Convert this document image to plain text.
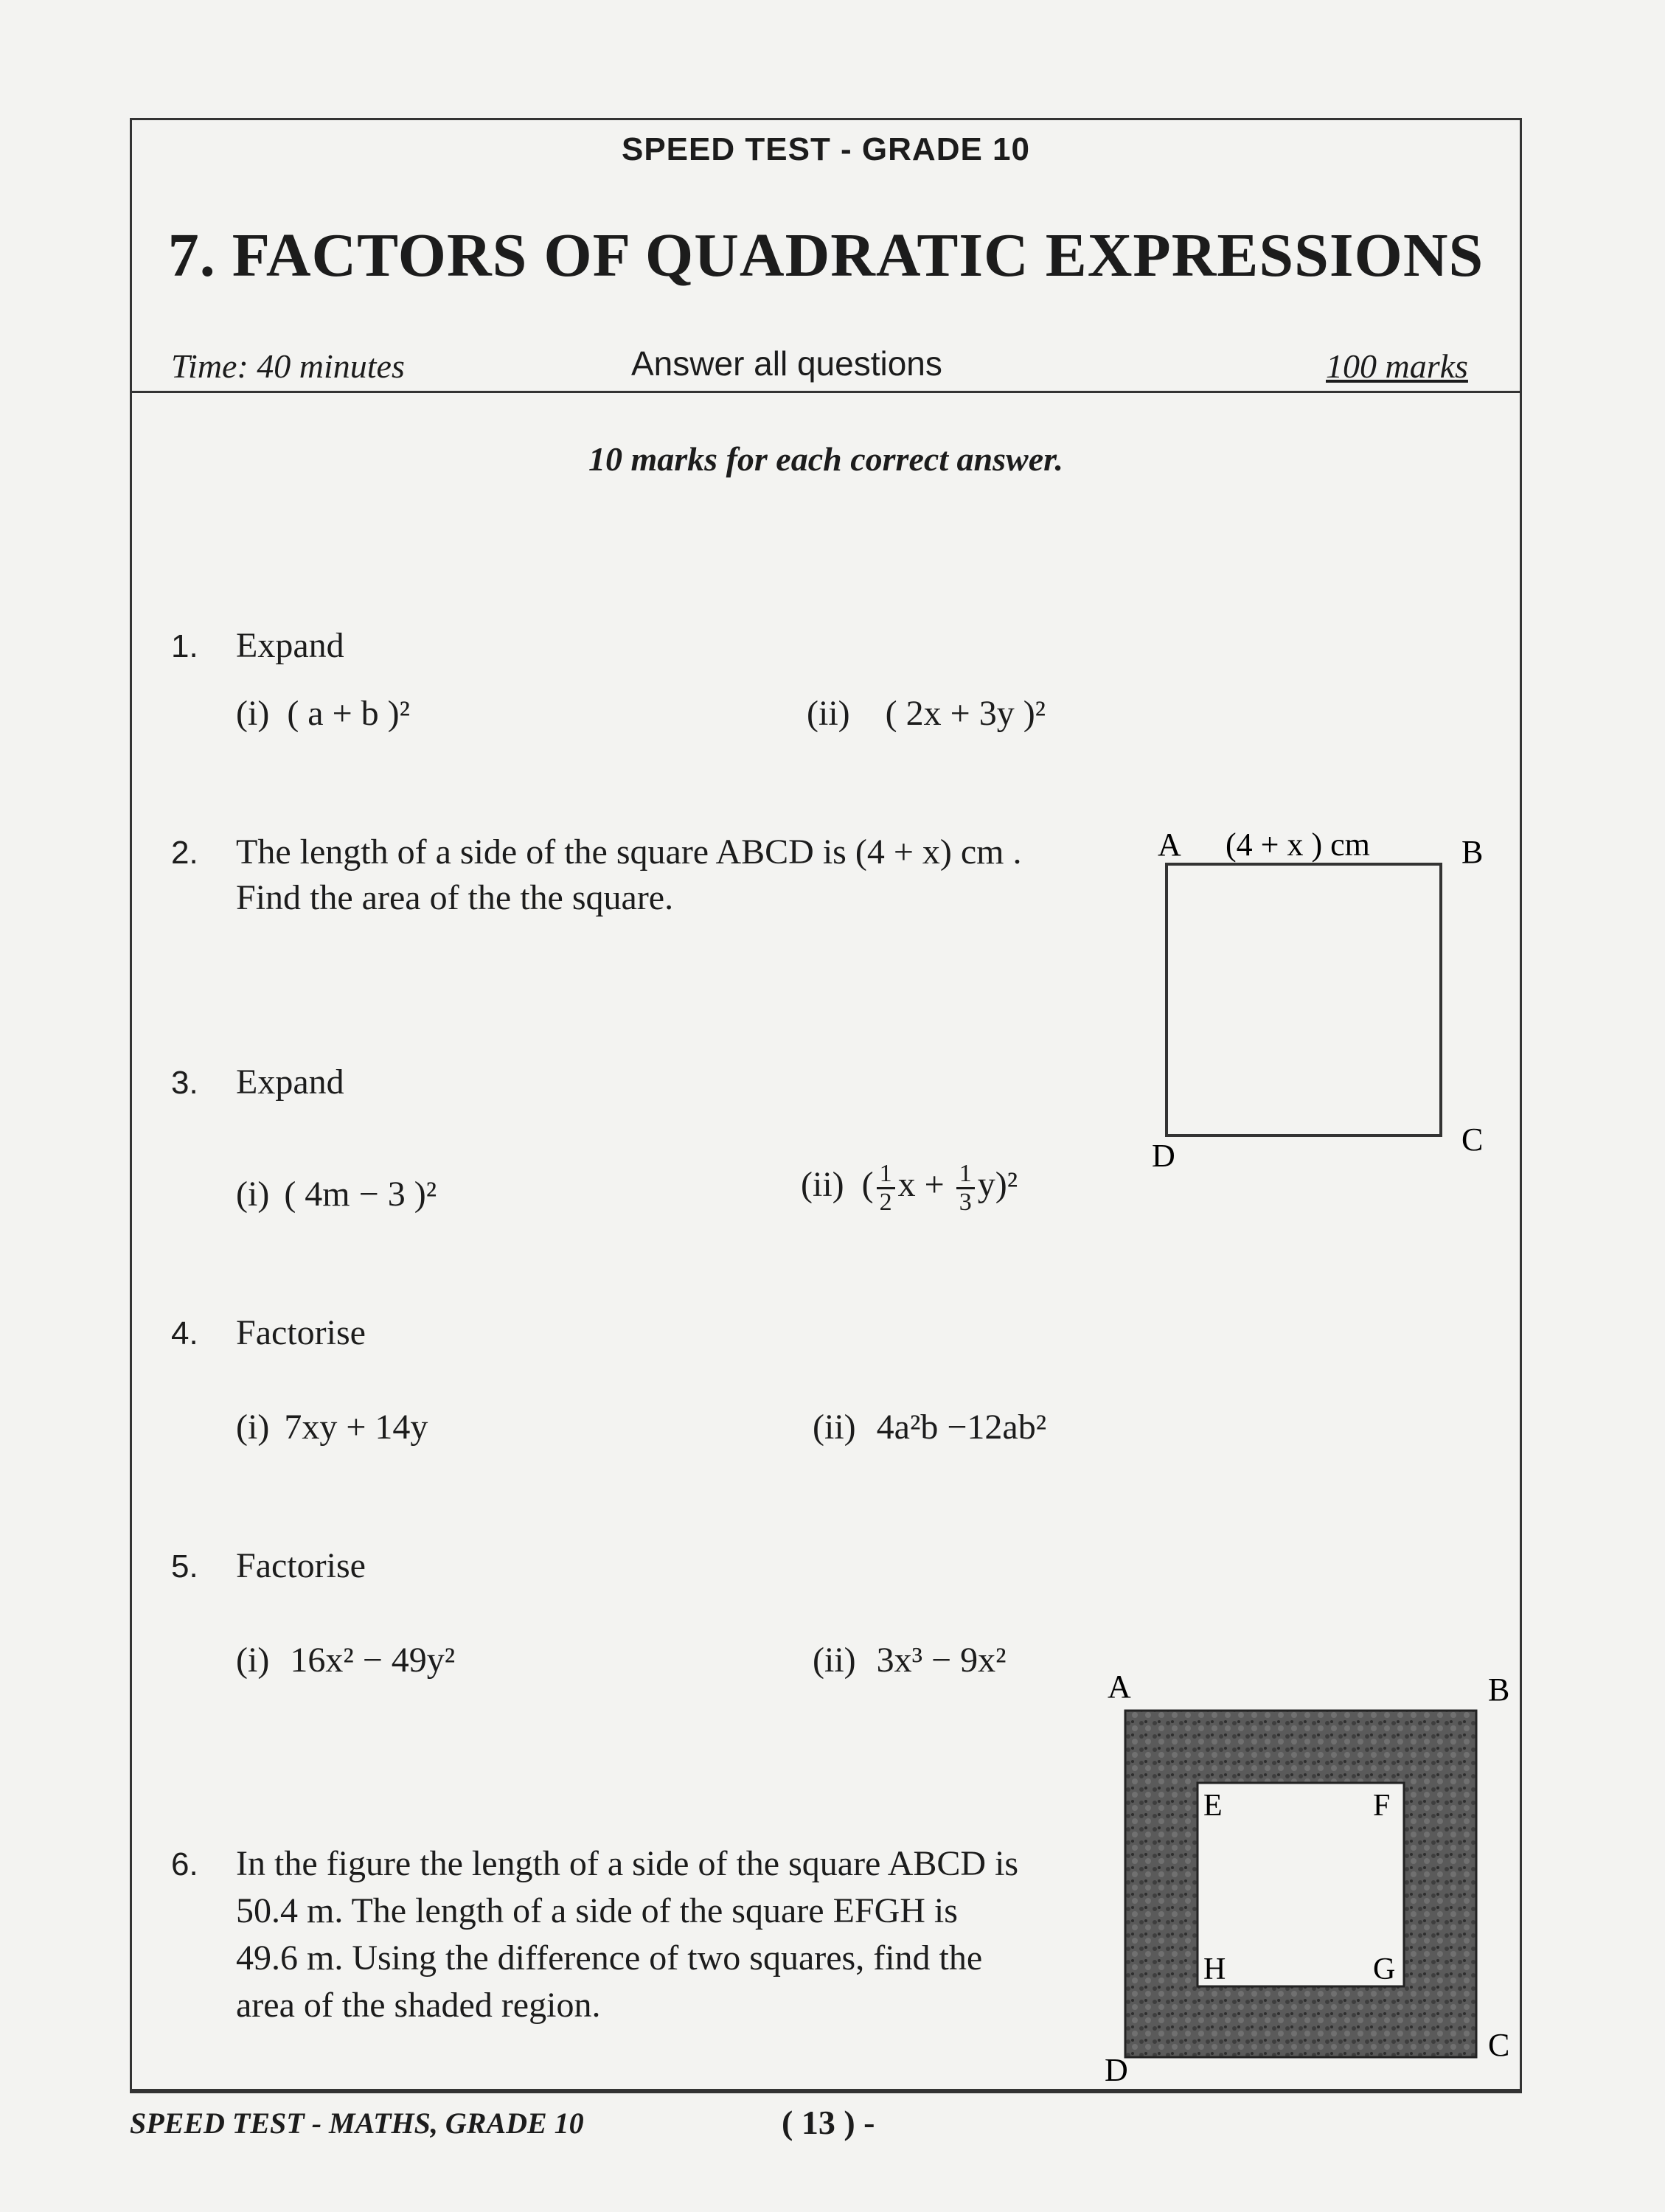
SPEED TEST - GRADE 10
7. FACTORS OF QUADRATIC EXPRESSIONS
Time: 40 minutes	Answer all questions	100 marks
10 marks for each correct answer.
1. Expand
(i) ( a + b )²	(ii) ( 2x + 3y )²
2. The length of a side of the square ABCD is (4 + x) cm .
Find the area of the the square.
A (4 + x ) cm	B
C
D
3. Expand
(i) ( 4m − 3 )²	(ii) ( $\frac{1}{2}$ $x + \frac{1}{3} y)^2$
4. Factorise
(i) 7xy + 14y	(ii) 4a²b −12ab²
5. Factorise
(i) 16x² − 49y²	(ii) 3x³ − 9x²
6. In the figure the length of a side of the square ABCD is
50.4 m. The length of a side of the square EFGH is
49.6 m. Using the difference of two squares, find the
area of the shaded region.
A	B
C
D
E	F
G
H
SPEED TEST - MATHS, GRADE 10	( 13 ) -
